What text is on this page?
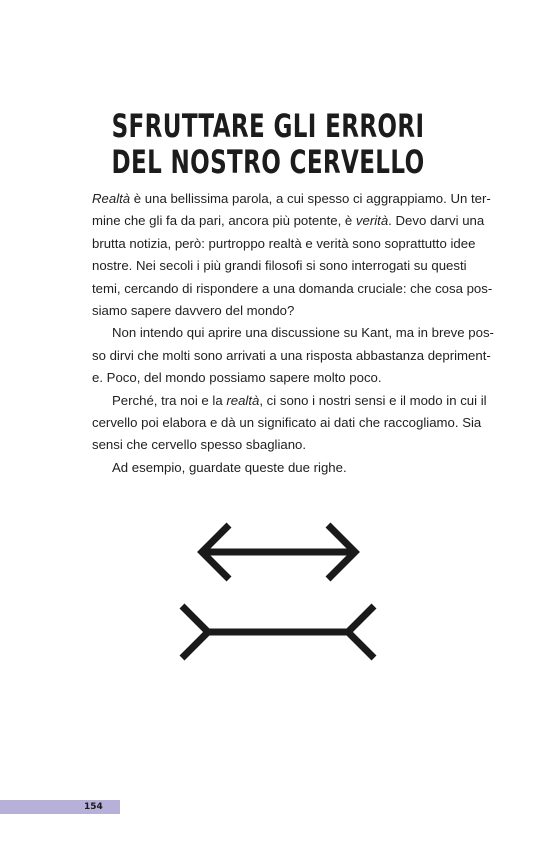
SFRUTTARE GLI ERRORI
DEL NOSTRO CERVELLO
Realtà è una bellissima parola, a cui spesso ci aggrappiamo. Un ter-
mine che gli fa da pari, ancora più potente, è verità. Devo darvi una
brutta notizia, però: purtroppo realtà e verità sono soprattutto idee
nostre. Nei secoli i più grandi filosofi si sono interrogati su questi
temi, cercando di rispondere a una domanda cruciale: che cosa pos-
siamo sapere davvero del mondo?
Non intendo qui aprire una discussione su Kant, ma in breve pos-
so dirvi che molti sono arrivati a una risposta abbastanza depriment-
e. Poco, del mondo possiamo sapere molto poco.
Perché, tra noi e la realtà, ci sono i nostri sensi e il modo in cui il
cervello poi elabora e dà un significato ai dati che raccogliamo. Sia
sensi che cervello spesso sbagliano.
Ad esempio, guardate queste due righe.
154
